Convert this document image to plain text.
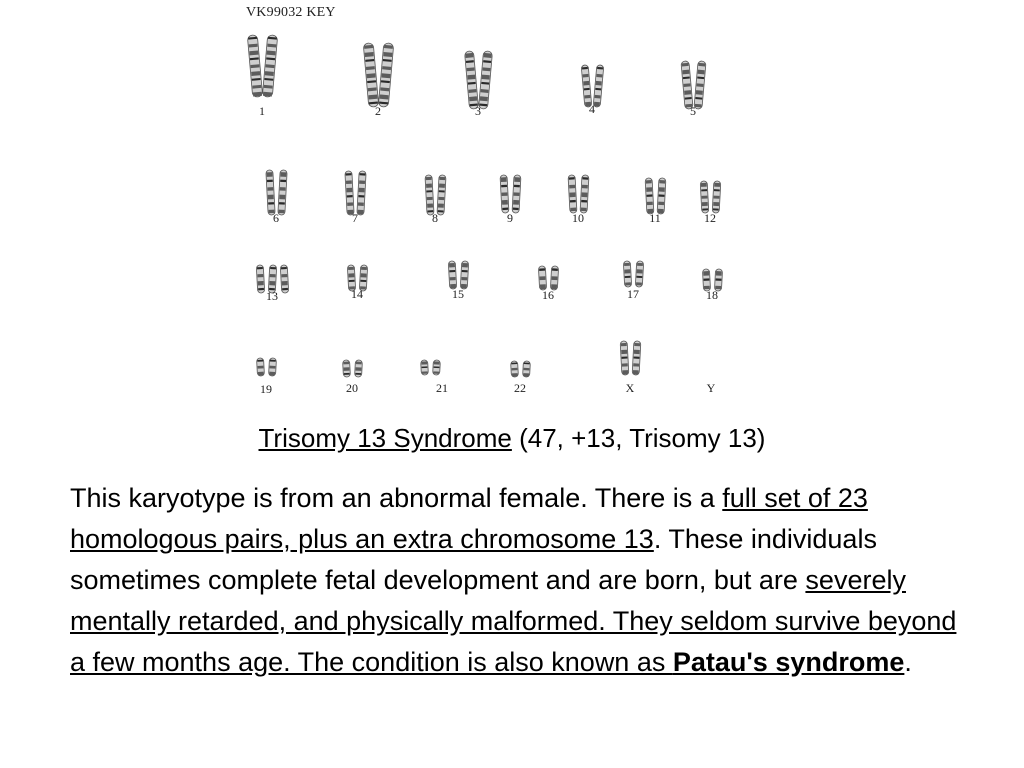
1	2	3	4	5
6	7	8	9	10	11	12
13	14	15	16	17	18
19	20	21	22	X	Y
VK99032 KEY
Trisomy 13 Syndrome (47, +13, Trisomy 13)
This karyotype is from an abnormal female. There is a full set of 23 homologous pairs, plus an extra chromosome 13. These individuals sometimes complete fetal development and are born, but are severely mentally retarded, and physically malformed. They seldom survive beyond a few months age. The condition is also known as Patau's syndrome.
